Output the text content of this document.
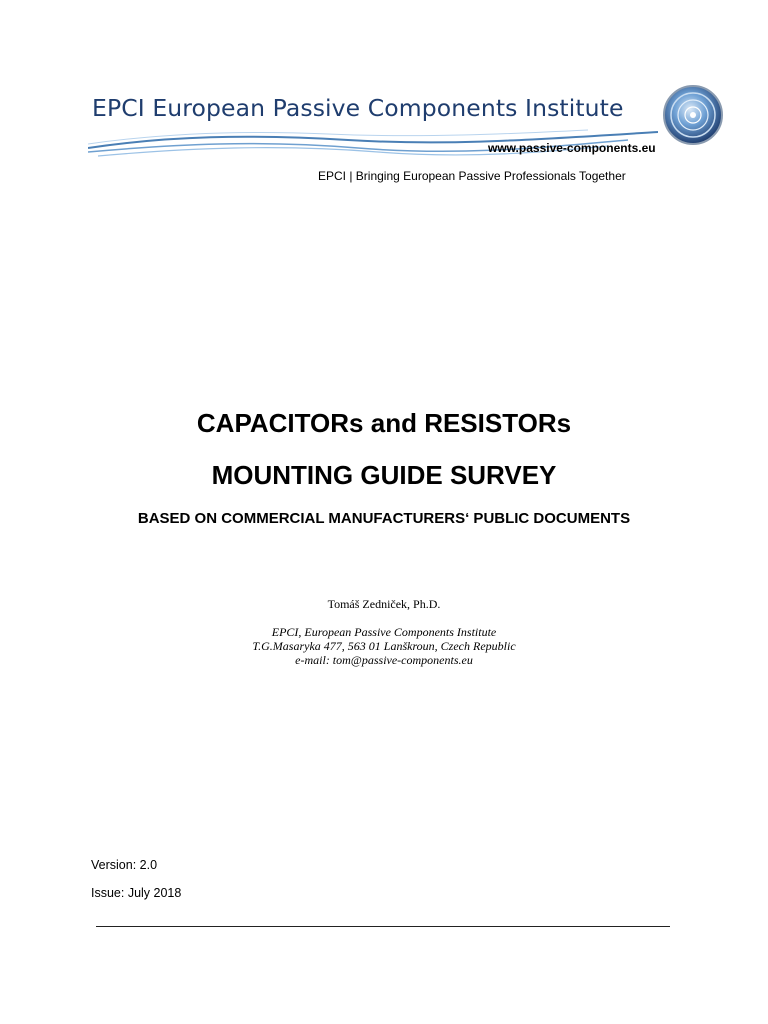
EPCI European Passive Components Institute
www.passive-components.eu
EPCI | Bringing European Passive Professionals Together
CAPACITORs and RESISTORs
MOUNTING GUIDE SURVEY
BASED ON COMMERCIAL MANUFACTURERS‘ PUBLIC DOCUMENTS
Tomáš Zedniček, Ph.D.
EPCI, European Passive Components Institute
T.G.Masaryka 477, 563 01 Lanškroun, Czech Republic
e-mail: tom@passive-components.eu
Version: 2.0
Issue: July 2018
